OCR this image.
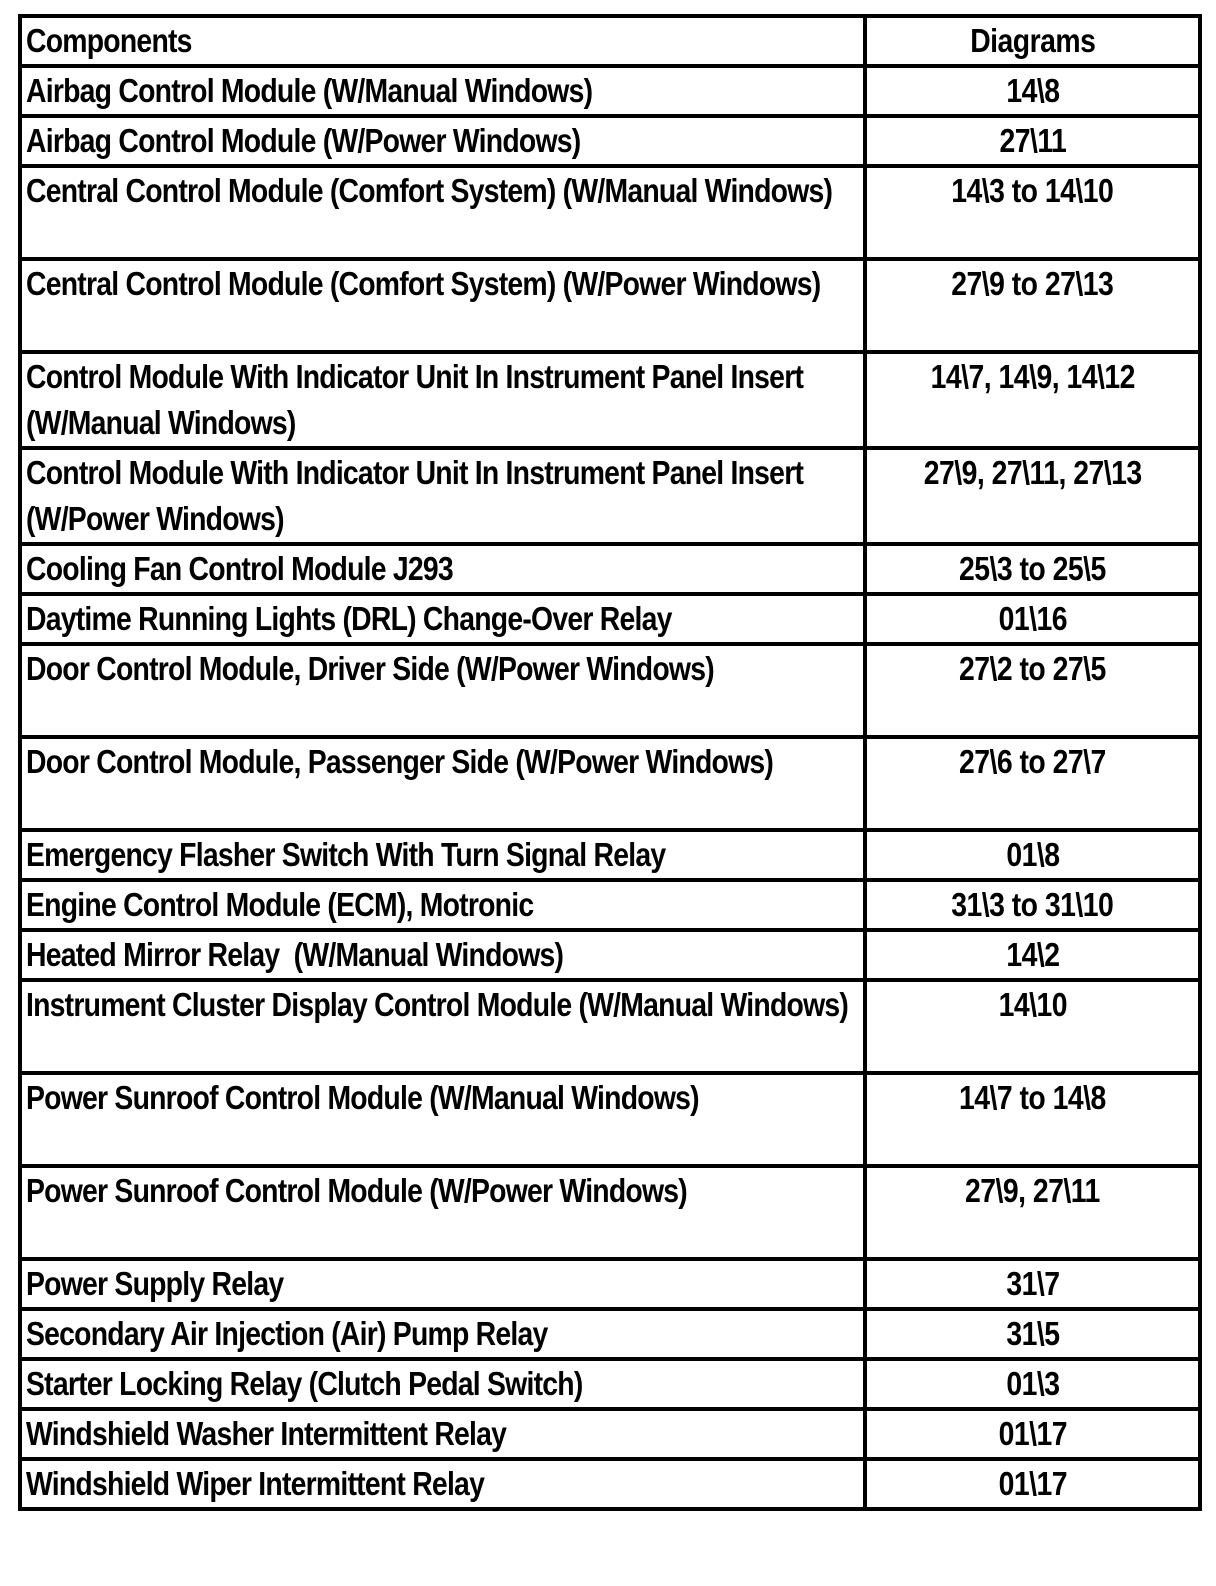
Components	Diagrams
Airbag Control Module (W/Manual Windows)	14\8
Airbag Control Module (W/Power Windows)	27\11
Central Control Module (Comfort System) (W/Manual Windows)	14\3 to 14\10
Central Control Module (Comfort System) (W/Power Windows)	27\9 to 27\13
Control Module With Indicator Unit In Instrument Panel Insert (W/Manual Windows)	14\7, 14\9, 14\12
Control Module With Indicator Unit In Instrument Panel Insert (W/Power Windows)	27\9, 27\11, 27\13
Cooling Fan Control Module J293	25\3 to 25\5
Daytime Running Lights (DRL) Change-Over Relay	01\16
Door Control Module, Driver Side (W/Power Windows)	27\2 to 27\5
Door Control Module, Passenger Side (W/Power Windows)	27\6 to 27\7
Emergency Flasher Switch With Turn Signal Relay	01\8
Engine Control Module (ECM), Motronic	31\3 to 31\10
Heated Mirror Relay  (W/Manual Windows)	14\2
Instrument Cluster Display Control Module (W/Manual Windows)	14\10
Power Sunroof Control Module (W/Manual Windows)	14\7 to 14\8
Power Sunroof Control Module (W/Power Windows)	27\9, 27\11
Power Supply Relay	31\7
Secondary Air Injection (Air) Pump Relay	31\5
Starter Locking Relay (Clutch Pedal Switch)	01\3
Windshield Washer Intermittent Relay	01\17
Windshield Wiper Intermittent Relay	01\17
